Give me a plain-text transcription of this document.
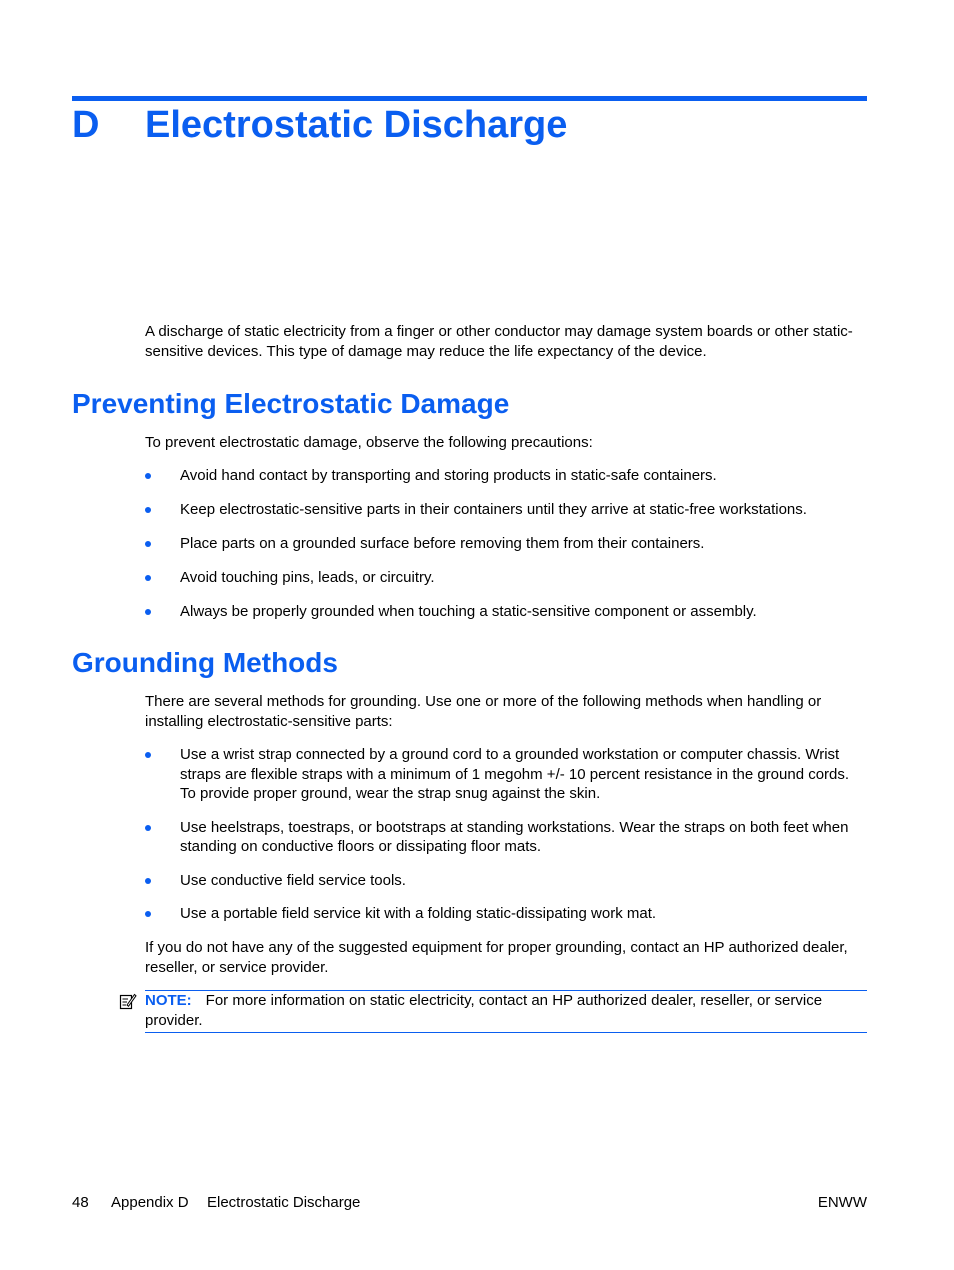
D Electrostatic Discharge

A discharge of static electricity from a finger or other conductor may damage system boards or other static-sensitive devices. This type of damage may reduce the life expectancy of the device.

Preventing Electrostatic Damage

To prevent electrostatic damage, observe the following precautions:

Avoid hand contact by transporting and storing products in static-safe containers.
Keep electrostatic-sensitive parts in their containers until they arrive at static-free workstations.
Place parts on a grounded surface before removing them from their containers.
Avoid touching pins, leads, or circuitry.
Always be properly grounded when touching a static-sensitive component or assembly.
Grounding Methods

There are several methods for grounding. Use one or more of the following methods when handling or installing electrostatic-sensitive parts:

Use a wrist strap connected by a ground cord to a grounded workstation or computer chassis. Wrist straps are flexible straps with a minimum of 1 megohm +/- 10 percent resistance in the ground cords. To provide proper ground, wear the strap snug against the skin.
Use heelstraps, toestraps, or bootstraps at standing workstations. Wear the straps on both feet when standing on conductive floors or dissipating floor mats.
Use conductive field service tools.
Use a portable field service kit with a folding static-dissipating work mat.

If you do not have any of the suggested equipment for proper grounding, contact an HP authorized dealer, reseller, or service provider.

NOTE: For more information on static electricity, contact an HP authorized dealer, reseller, or service provider.
48 Appendix D Electrostatic Discharge	ENWW
